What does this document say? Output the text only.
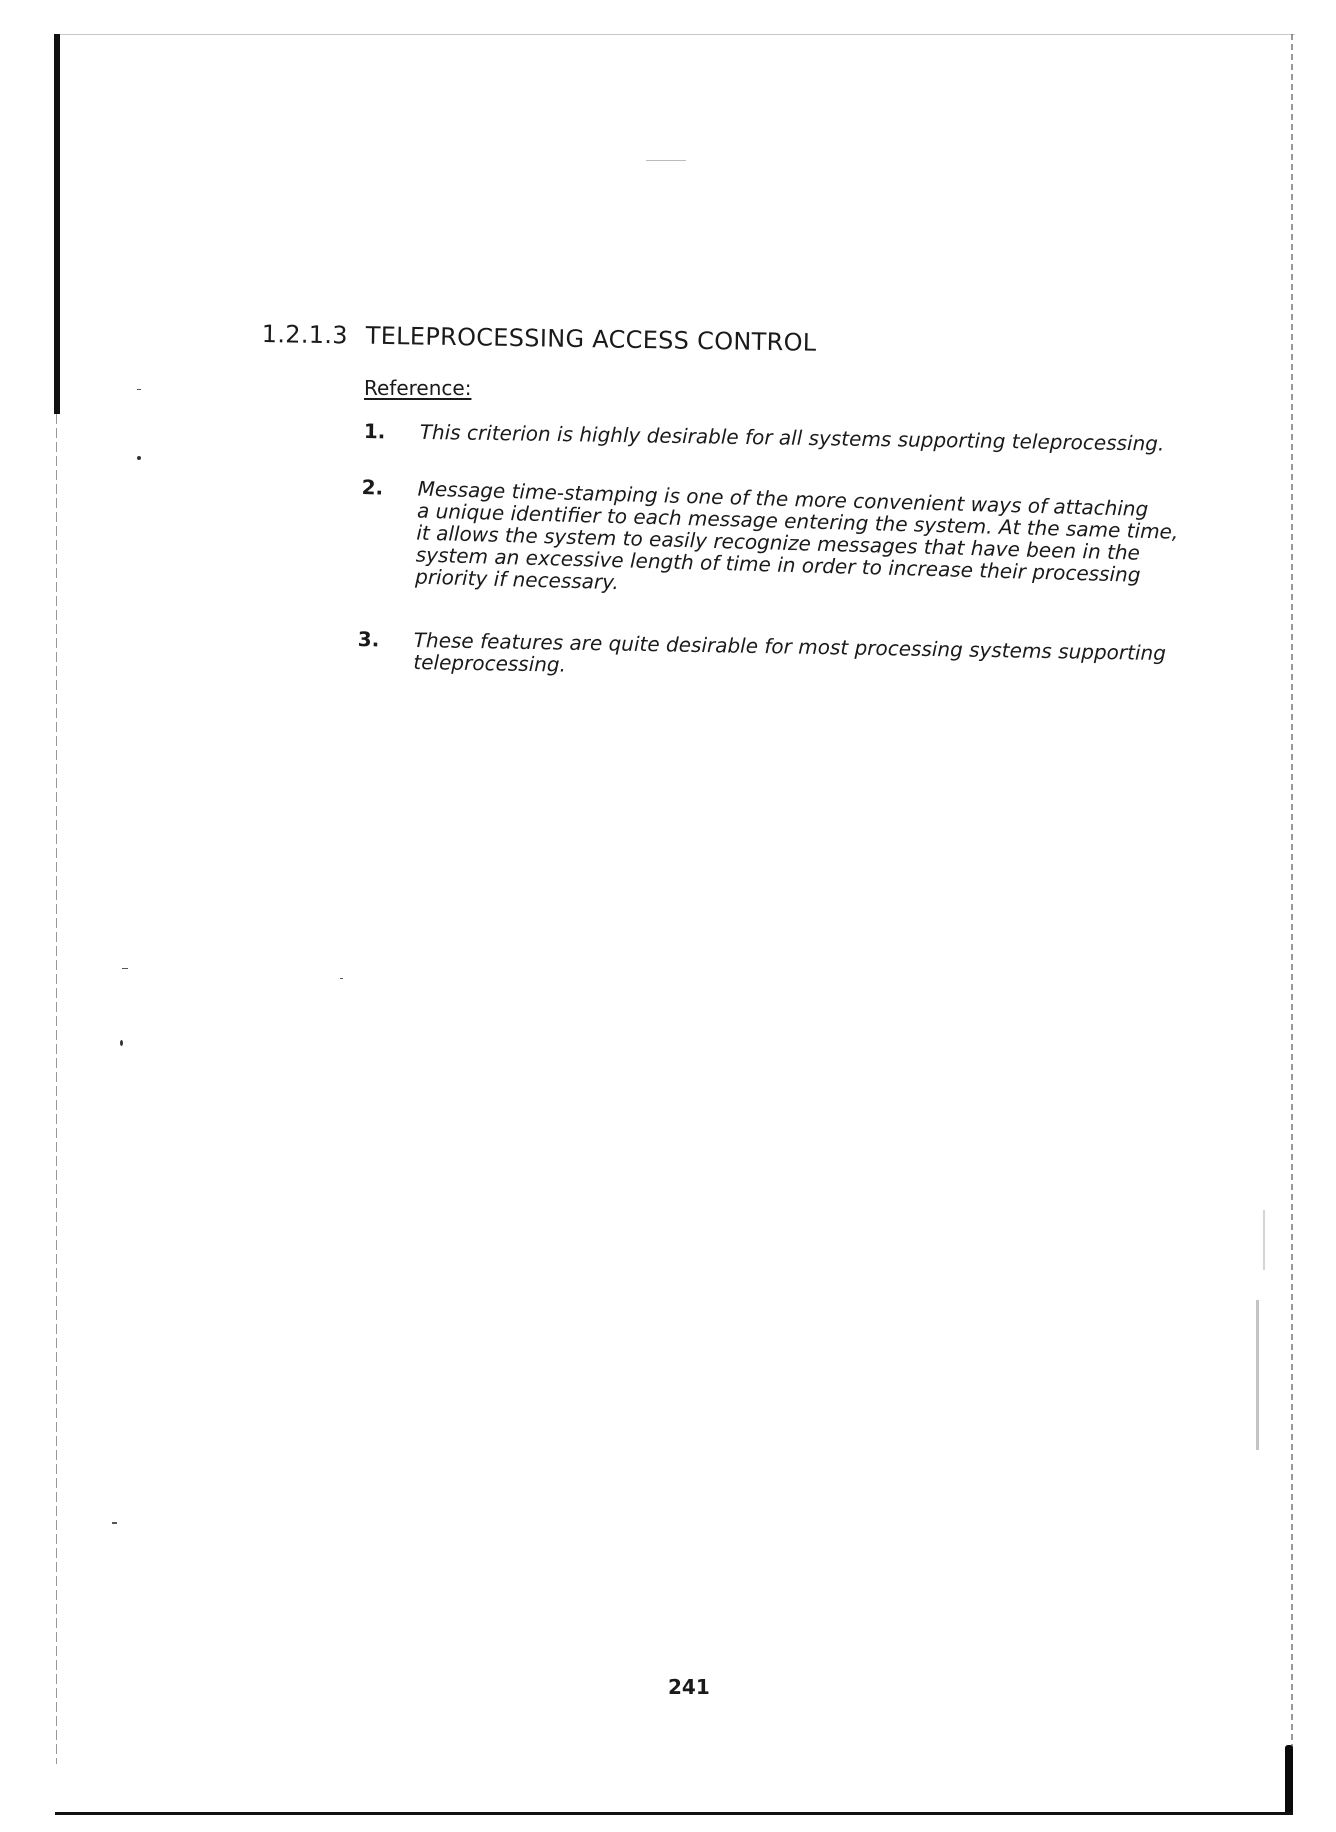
1.2.1.3 TELEPROCESSING ACCESS CONTROL
Reference:
1. This criterion is highly desirable for all systems supporting teleprocessing.
2. Message time-stamping is one of the more convenient ways of attaching
a unique identifier to each message entering the system. At the same time,
it allows the system to easily recognize messages that have been in the
system an excessive length of time in order to increase their processing
priority if necessary.
3. These features are quite desirable for most processing systems supporting
teleprocessing.
241
